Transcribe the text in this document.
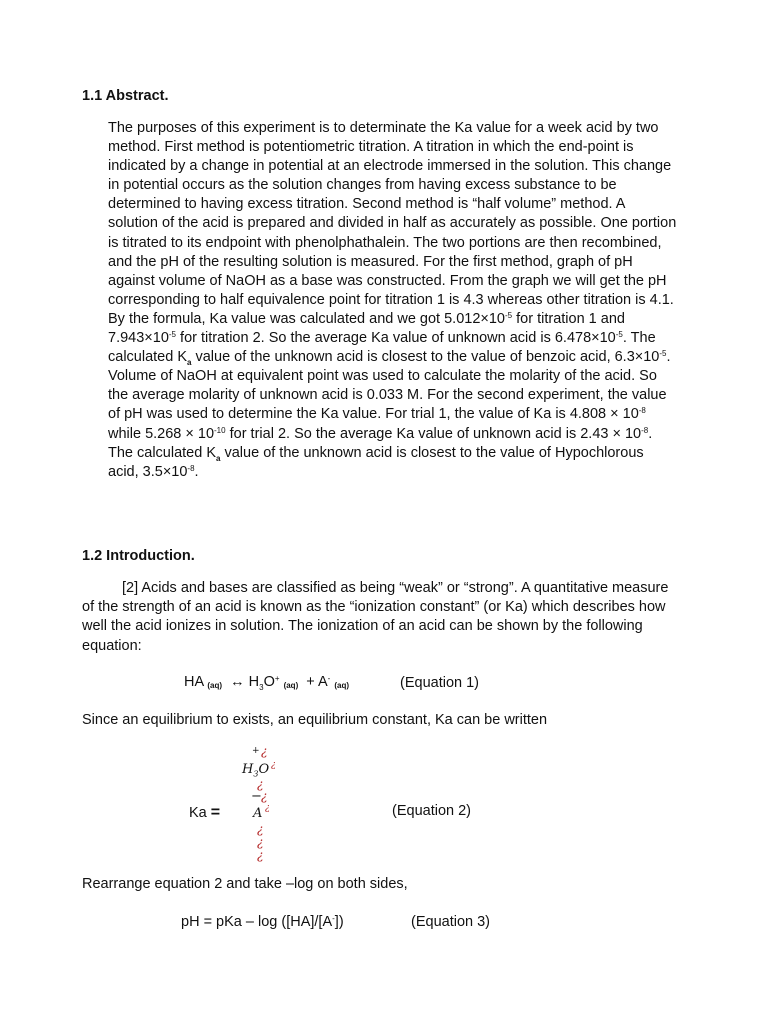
1.1 Abstract.
The purposes of this experiment is to determinate the Ka value for a week acid by two method. First method is potentiometric titration. A titration in which the end-point is indicated by a change in potential at an electrode immersed in the solution. This change in potential occurs as the solution changes from having excess substance to be determined to having excess titration. Second method is “half volume” method. A solution of the acid is prepared and divided in half as accurately as possible. One portion is titrated to its endpoint with phenolphathalein. The two portions are then recombined, and the pH of the resulting solution is measured. For the first method, graph of pH against volume of NaOH as a base was constructed. From the graph we will get the pH corresponding to half equivalence point for titration 1 is 4.3 whereas other titration is 4.1. By the formula, Ka value was calculated and we got $5.012\times 10^{-5}$ for titration 1 and $7.943\times 10^{-5}$ for titration 2. So the average Ka value of unknown acid is $6.478\times 10^{-5}$. The calculated $K_a$ value of the unknown acid is closest to the value of benzoic acid, $6.3\times 10^{-5}$. Volume of NaOH at equivalent point was used to calculate the molarity of the acid. So the average molarity of unknown acid is 0.033 M. For the second experiment, the value of pH was used to determine the Ka value. For trial 1, the value of Ka is $4.808 \times 10^{-8}$ while $5.268 \times 10^{-10}$ for trial 2. So the average Ka value of unknown acid is $2.43 \times 10^{-8}$. The calculated $K_a$ value of the unknown acid is closest to the value of Hypochlorous acid, $3.5\times 10^{-8}$.
1.2 Introduction.
[2] Acids and bases are classified as being “weak” or “strong”. A quantitative measure of the strength of an acid is known as the “ionization constant” (or Ka) which describes how well the acid ionizes in solution. The ionization of an acid can be shown by the following equation:
HA (aq) ↔ $H_3O^+$ (aq) + A- (aq)	(Equation 1)
Since an equilibrium to exists, an equilibrium constant, Ka can be written
Ka =
+ ¿
$H_3O$ ¿
¿
− ¿
A ¿
¿
¿
¿
(Equation 2)
Rearrange equation 2 and take –log on both sides,
pH = pKa – log ([HA]/[A-])	(Equation 3)
